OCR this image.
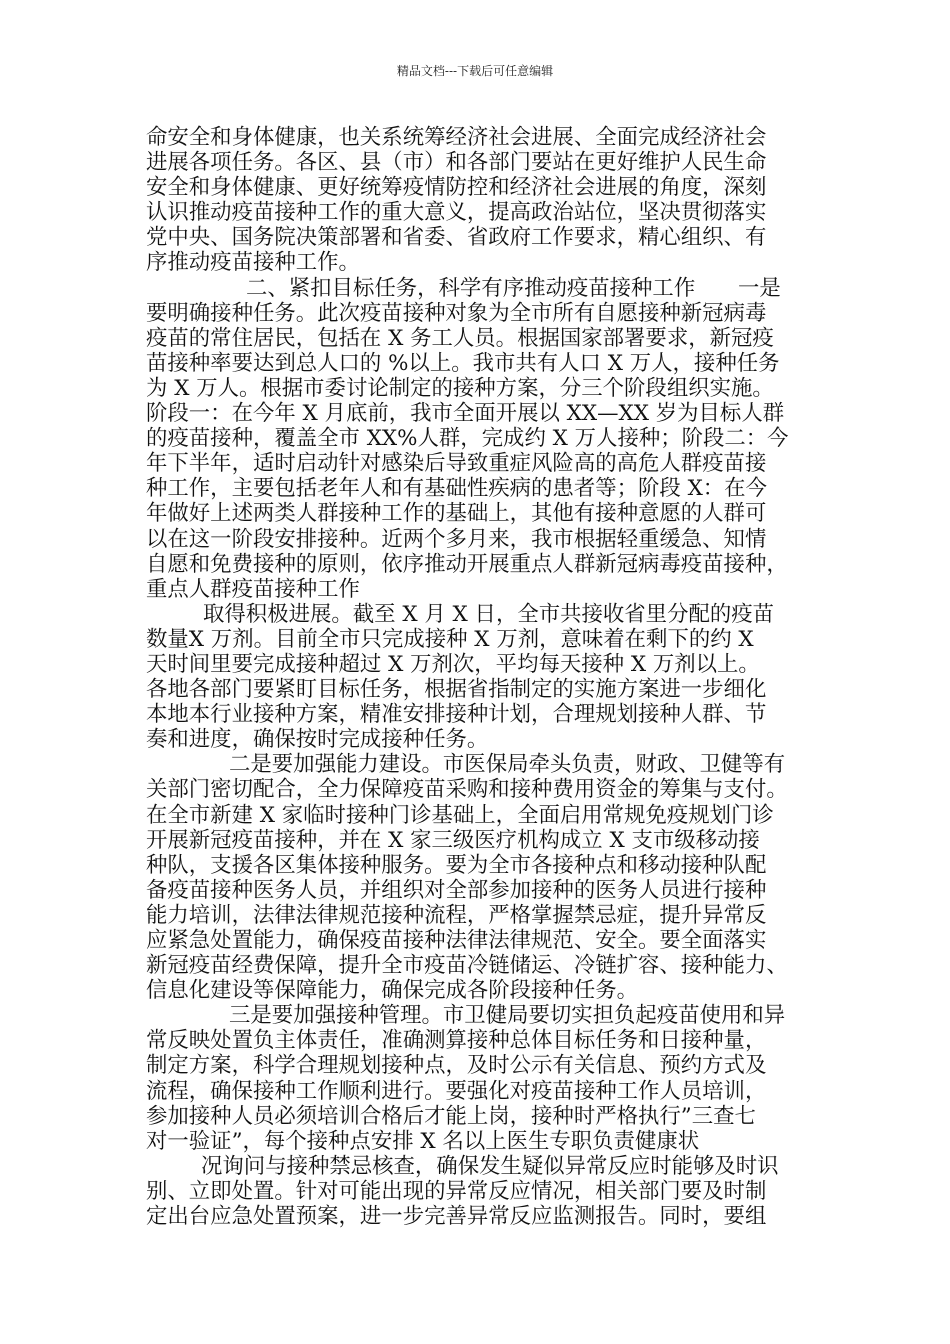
精品文档---下载后可任意编辑
命安全和身体健康，也关系统筹经济社会进展、全面完成经济社会
进展各项任务。各区、县（市）和各部门要站在更好维护人民生命
安全和身体健康、更好统筹疫情防控和经济社会进展的角度，深刻
认识推动疫苗接种工作的重大意义，提高政治站位，坚决贯彻落实
党中央、国务院决策部署和省委、省政府工作要求，精心组织、有
序推动疫苗接种工作。
二、紧扣目标任务，科学有序推动疫苗接种工作　　一是
要明确接种任务。此次疫苗接种对象为全市所有自愿接种新冠病毒
疫苗的常住居民，包括在 X 务工人员。根据国家部署要求，新冠疫
苗接种率要达到总人口的 %以上。我市共有人口 X 万人，接种任务
为 X 万人。根据市委讨论制定的接种方案，分三个阶段组织实施。
阶段一：在今年 X 月底前，我市全面开展以 XX—XX 岁为目标人群
的疫苗接种，覆盖全市 XX%人群，完成约 X 万人接种；阶段二：今
年下半年，适时启动针对感染后导致重症风险高的高危人群疫苗接
种工作，主要包括老年人和有基础性疾病的患者等；阶段 X：在今
年做好上述两类人群接种工作的基础上，其他有接种意愿的人群可
以在这一阶段安排接种。近两个多月来，我市根据轻重缓急、知情
自愿和免费接种的原则，依序推动开展重点人群新冠病毒疫苗接种，
重点人群疫苗接种工作
取得积极进展。截至 X 月 X 日，全市共接收省里分配的疫苗
数量X 万剂。目前全市只完成接种 X 万剂，意味着在剩下的约 X
天时间里要完成接种超过 X 万剂次，平均每天接种 X 万剂以上。
各地各部门要紧盯目标任务，根据省指制定的实施方案进一步细化
本地本行业接种方案，精准安排接种计划，合理规划接种人群、节
奏和进度，确保按时完成接种任务。
二是要加强能力建设。市医保局牵头负责，财政、卫健等有
关部门密切配合，全力保障疫苗采购和接种费用资金的筹集与支付。
在全市新建 X 家临时接种门诊基础上，全面启用常规免疫规划门诊
开展新冠疫苗接种，并在 X 家三级医疗机构成立 X 支市级移动接
种队，支援各区集体接种服务。要为全市各接种点和移动接种队配
备疫苗接种医务人员，并组织对全部参加接种的医务人员进行接种
能力培训，法律法律规范接种流程，严格掌握禁忌症，提升异常反
应紧急处置能力，确保疫苗接种法律法律规范、安全。要全面落实
新冠疫苗经费保障，提升全市疫苗冷链储运、冷链扩容、接种能力、
信息化建设等保障能力，确保完成各阶段接种任务。
三是要加强接种管理。市卫健局要切实担负起疫苗使用和异
常反映处置负主体责任，准确测算接种总体目标任务和日接种量，
制定方案，科学合理规划接种点，及时公示有关信息、预约方式及
流程，确保接种工作顺利进行。要强化对疫苗接种工作人员培训，
参加接种人员必须培训合格后才能上岗，接种时严格执行”三查七
对一验证”，每个接种点安排 X 名以上医生专职负责健康状
况询问与接种禁忌核查，确保发生疑似异常反应时能够及时识
别、立即处置。针对可能出现的异常反应情况，相关部门要及时制
定出台应急处置预案，进一步完善异常反应监测报告。同时，要组
